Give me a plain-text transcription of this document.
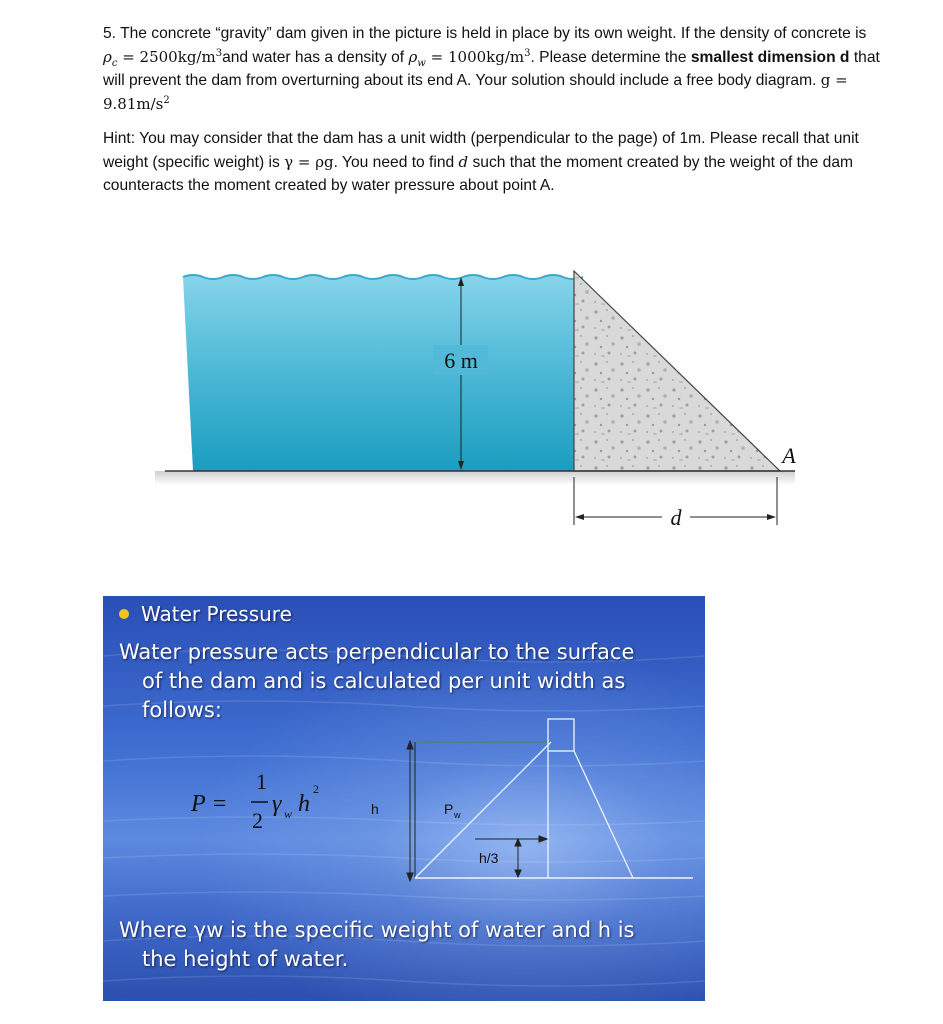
5. The concrete “gravity” dam given in the picture is held in place by its own weight. If the density of concrete is $\rho_c = 2500kg/m^3and$ water has a density of $\rho_w = 1000kg/m^3$. Please determine the smallest dimension d that will prevent the dam from overturning about its end A. Your solution should include a free body diagram. $g = 9.81m/s^2$

Hint: You may consider that the dam has a unit width (perpendicular to the page) of 1m. Please recall that unit weight (specific weight) is γ = ρg. You need to find d such that the moment created by the weight of the dam counteracts the moment created by water pressure about point A.

6 m
A
d
Water Pressure
Water pressure acts perpendicular to the surface
of the dam and is calculated per unit width as
follows:
P =
1
2
γ w h
2
h	P w
h/3
Where γw is the specific weight of water and h is
the height of water.
